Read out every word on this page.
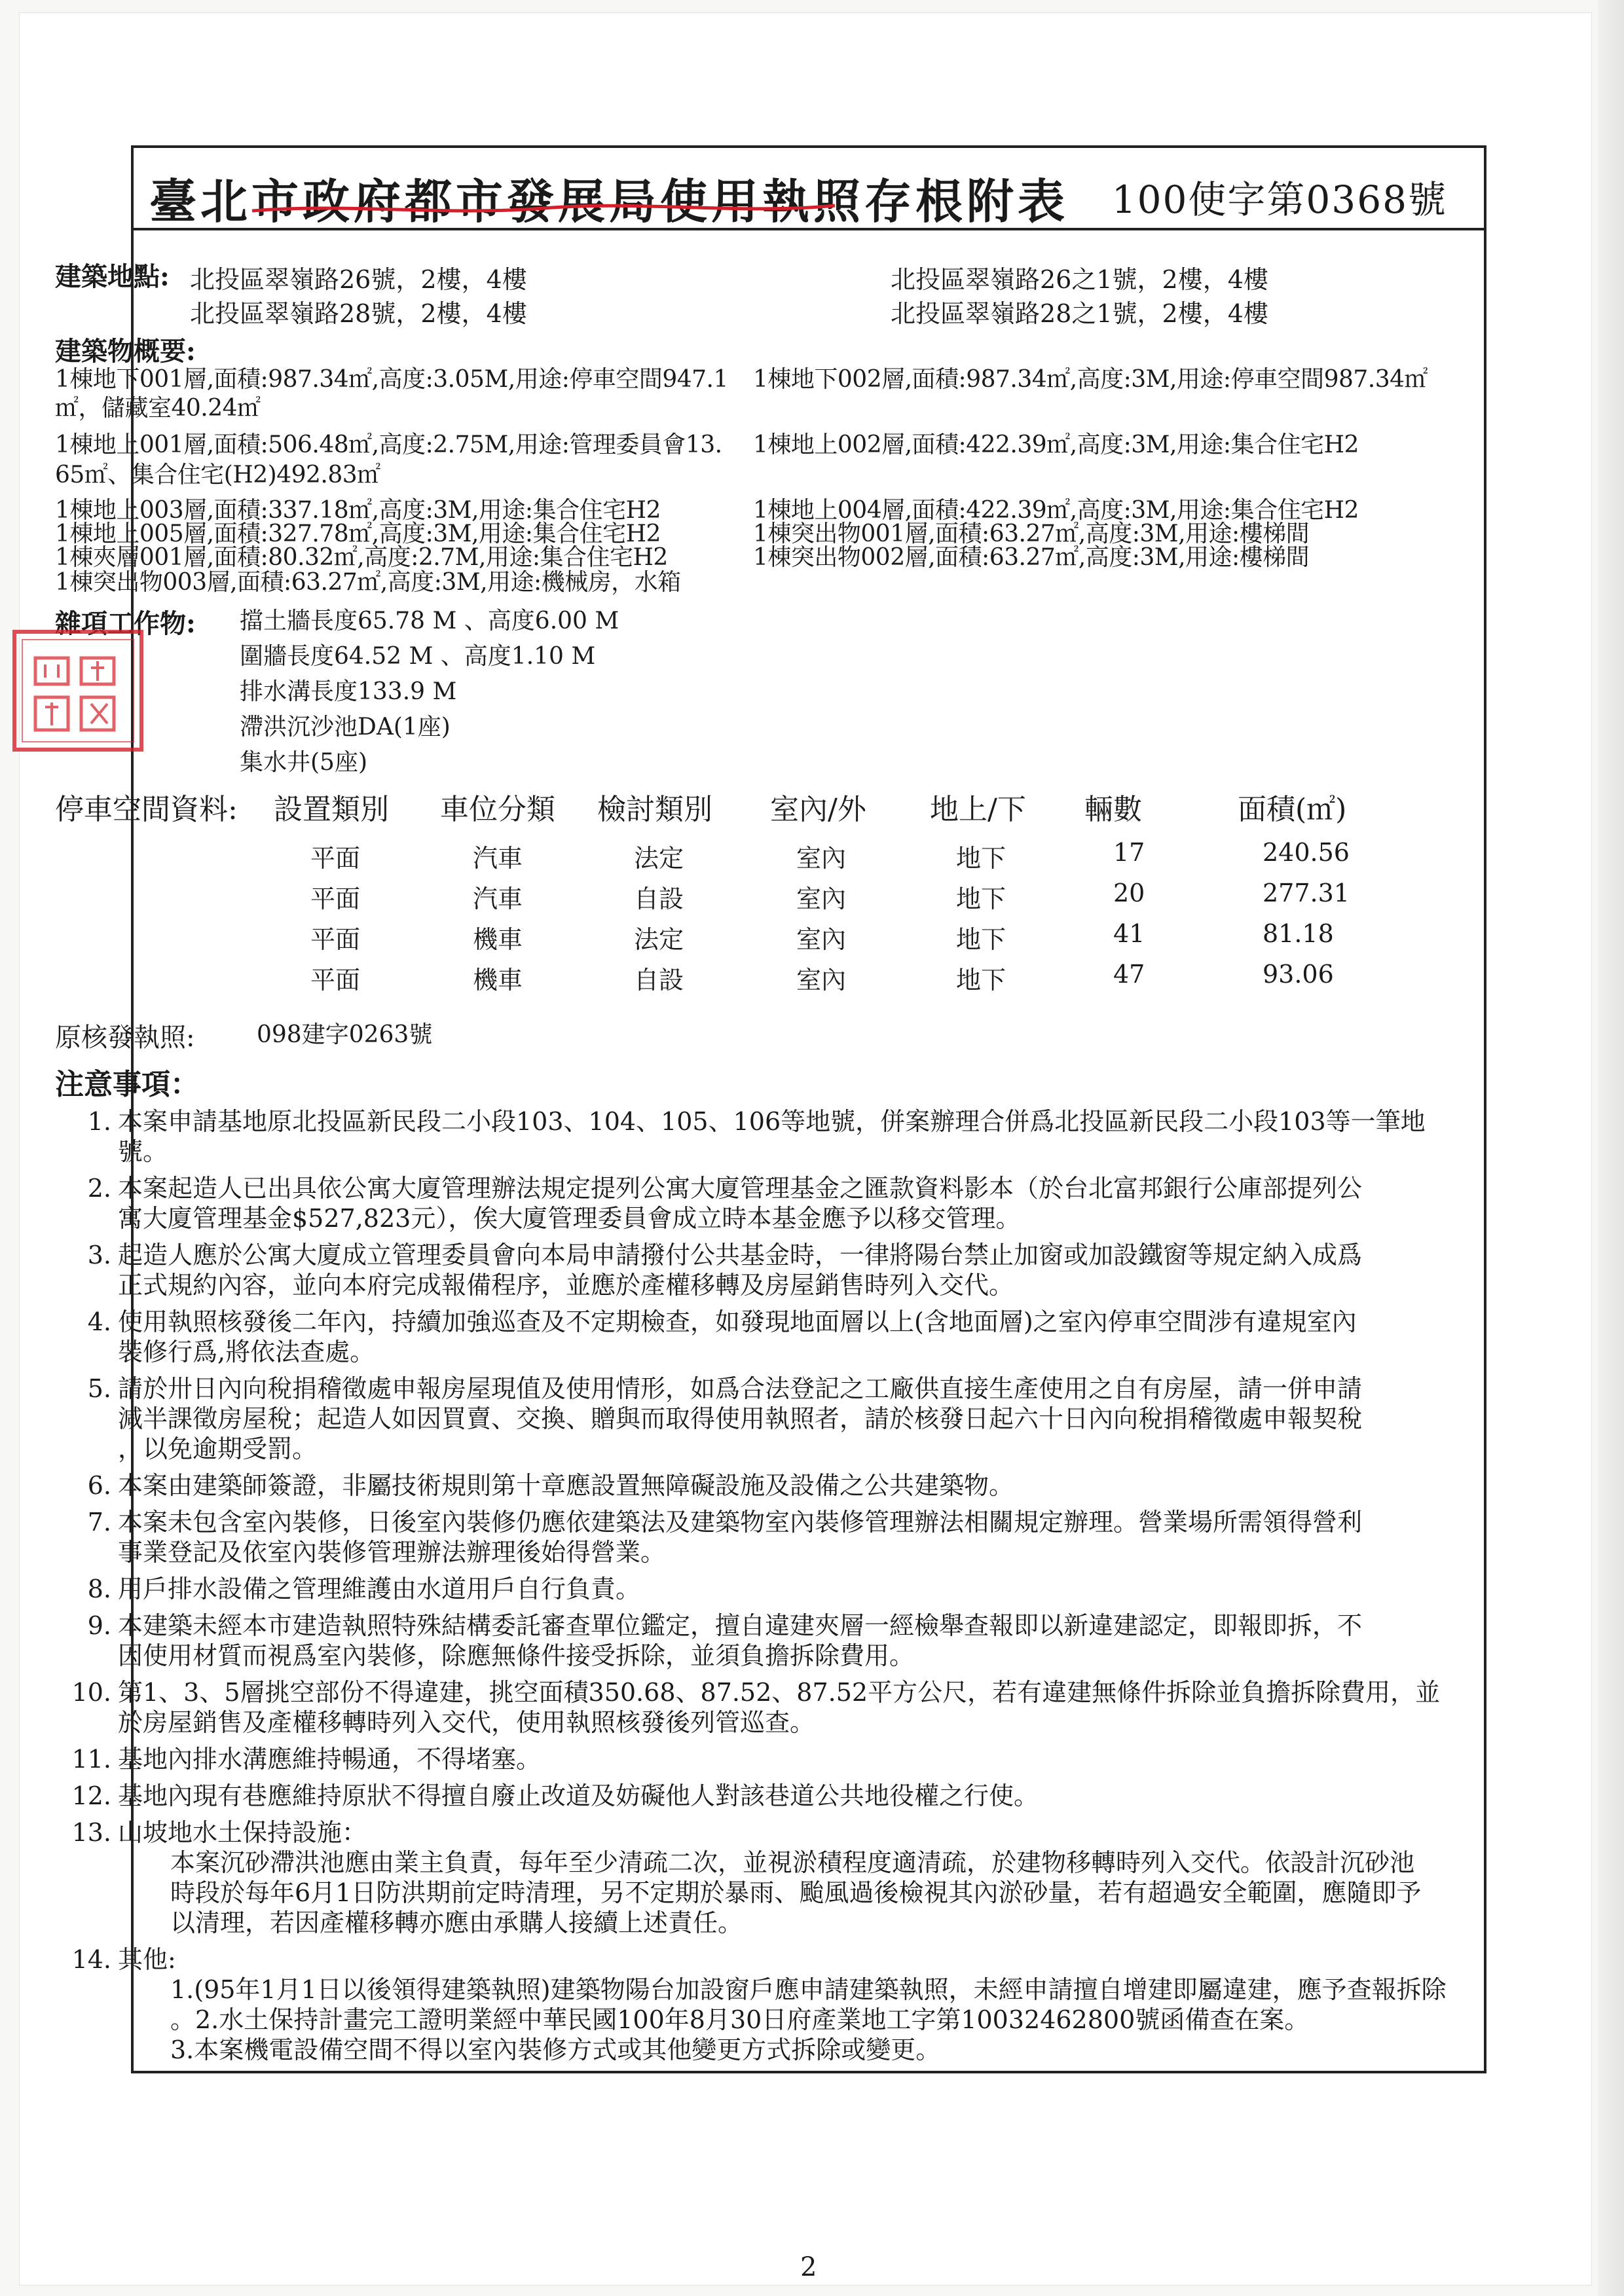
臺北市政府都市發展局使用執照存根附表 100使字第0368號
建築地點: 北投區翠嶺路26號，2樓，4樓	北投區翠嶺路26之1號，2樓，4樓
北投區翠嶺路28號，2樓，4樓	北投區翠嶺路28之1號，2樓，4樓
建築物概要:
1棟地下001層,面積:987.34㎡,高度:3.05M,用途:停車空間947.1
㎡，儲藏室40.24㎡
1棟地上001層,面積:506.48㎡,高度:2.75M,用途:管理委員會13.
65㎡、集合住宅(H2)492.83㎡
1棟地上003層,面積:337.18㎡,高度:3M,用途:集合住宅H2
1棟地上005層,面積:327.78㎡,高度:3M,用途:集合住宅H2
1棟夾層001層,面積:80.32㎡,高度:2.7M,用途:集合住宅H2
1棟突出物003層,面積:63.27㎡,高度:3M,用途:機械房，水箱
1棟地下002層,面積:987.34㎡,高度:3M,用途:停車空間987.34㎡
1棟地上002層,面積:422.39㎡,高度:3M,用途:集合住宅H2
1棟地上004層,面積:422.39㎡,高度:3M,用途:集合住宅H2
1棟突出物001層,面積:63.27㎡,高度:3M,用途:樓梯間
1棟突出物002層,面積:63.27㎡,高度:3M,用途:樓梯間
雜項工作物: 擋土牆長度65.78 M 、高度6.00 M
圍牆長度64.52 M 、高度1.10 M
排水溝長度133.9 M
滯洪沉沙池DA(1座)
集水井(5座)
停車空間資料: 設置類別 車位分類 檢討類別 室內/外 地上/下 輛數	面積(㎡)
平面	汽車	法定	室內	地下	17	240.56
平面	汽車	自設	室內	地下	20	277.31
平面	機車	法定	室內	地下	41	81.18
平面	機車	自設	室內	地下	47	93.06
原核發執照:	098建字0263號
注意事項：
1. 本案申請基地原北投區新民段二小段103、104、105、106等地號，併案辦理合併爲北投區新民段二小段103等一筆地
號。
2. 本案起造人已出具依公寓大廈管理辦法規定提列公寓大廈管理基金之匯款資料影本（於台北富邦銀行公庫部提列公
寓大廈管理基金$527,823元），俟大廈管理委員會成立時本基金應予以移交管理。
3. 起造人應於公寓大廈成立管理委員會向本局申請撥付公共基金時，一律將陽台禁止加窗或加設鐵窗等規定納入成爲
正式規約內容，並向本府完成報備程序，並應於產權移轉及房屋銷售時列入交代。
4. 使用執照核發後二年內，持續加強巡查及不定期檢查，如發現地面層以上(含地面層)之室內停車空間涉有違規室內
裝修行爲,將依法查處。
5. 請於卅日內向稅捐稽徵處申報房屋現值及使用情形，如爲合法登記之工廠供直接生產使用之自有房屋，請一併申請
減半課徵房屋稅；起造人如因買賣、交換、贈與而取得使用執照者，請於核發日起六十日內向稅捐稽徵處申報契稅
，以免逾期受罰。
6. 本案由建築師簽證，非屬技術規則第十章應設置無障礙設施及設備之公共建築物。
7. 本案未包含室內裝修，日後室內裝修仍應依建築法及建築物室內裝修管理辦法相關規定辦理。營業場所需領得營利
事業登記及依室內裝修管理辦法辦理後始得營業。
8. 用戶排水設備之管理維護由水道用戶自行負責。
9. 本建築未經本市建造執照特殊結構委託審查單位鑑定，擅自違建夾層一經檢舉查報即以新違建認定，即報即拆，不
因使用材質而視爲室內裝修，除應無條件接受拆除，並須負擔拆除費用。
10. 第1、3、5層挑空部份不得違建，挑空面積350.68、87.52、87.52平方公尺，若有違建無條件拆除並負擔拆除費用，並
於房屋銷售及產權移轉時列入交代，使用執照核發後列管巡查。
11. 基地內排水溝應維持暢通，不得堵塞。
12. 基地內現有巷應維持原狀不得擅自廢止改道及妨礙他人對該巷道公共地役權之行使。
13. 山坡地水土保持設施：
本案沉砂滯洪池應由業主負責，每年至少清疏二次，並視淤積程度適清疏，於建物移轉時列入交代。依設計沉砂池
時段於每年6月1日防洪期前定時清理，另不定期於暴雨、颱風過後檢視其內淤砂量，若有超過安全範圍，應隨即予
以清理，若因產權移轉亦應由承購人接續上述責任。
14. 其他:
1.(95年1月1日以後領得建築執照)建築物陽台加設窗戶應申請建築執照，未經申請擅自增建即屬違建，應予查報拆除
。2.水土保持計畫完工證明業經中華民國100年8月30日府產業地工字第10032462800號函備查在案。
3.本案機電設備空間不得以室內裝修方式或其他變更方式拆除或變更。
2
